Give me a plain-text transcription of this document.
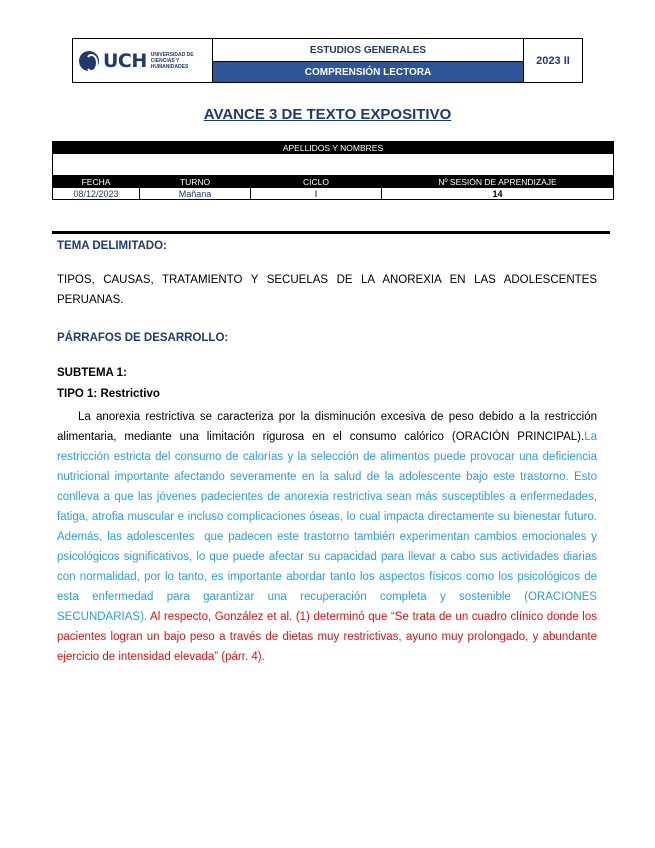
UCH UNIVERSIDAD DE CIENCIAS Y HUMANIDADES
ESTUDIOS GENERALES
COMPRENSIÓN LECTORA
2023 II
AVANCE 3 DE TEXTO EXPOSITIVO
APELLIDOS Y NOMBRES			

FECHA	TURNO	CICLO	Nº SESIÓN DE APRENDIZAJE
08/12/2023	Mañana	I	14
TEMA DELIMITADO:
TIPOS, CAUSAS, TRATAMIENTO Y SECUELAS DE LA ANOREXIA EN LAS ADOLESCENTES PERUANAS.
PÁRRAFOS DE DESARROLLO:
SUBTEMA 1:
TIPO 1: Restrictivo
La anorexia restrictiva se caracteriza por la disminución excesiva de peso debido a la restricción alimentaria, mediante una limitación rigurosa en el consumo calórico (ORACIÓN PRINCIPAL).La restricción estricta del consumo de calorías y la selección de alimentos puede provocar una deficiencia nutricional importante afectando severamente en la salud de la adolescente bajo este trastorno. Esto conlleva a que las jóvenes padecientes de anorexia restrictiva sean más susceptibles a enfermedades, fatiga, atrofia muscular e incluso complicaciones óseas, lo cual impacta directamente su bienestar futuro. Además, las adolescentes  que padecen este trastorno también experimentan cambios emocionales y psicológicos significativos, lo que puede afectar su capacidad para llevar a cabo sus actividades diarias con normalidad, por lo tanto, es importante abordar tanto los aspectos físicos como los psicológicos de esta enfermedad para garantizar una recuperación completa y sostenible (ORACIONES SECUNDARIAS). Al respecto, González et al. (1) determinó que “Se trata de un cuadro clínico donde los pacientes logran un bajo peso a través de dietas muy restrictivas, ayuno muy prolongado, y abundante ejercicio de intensidad elevada” (párr. 4).
